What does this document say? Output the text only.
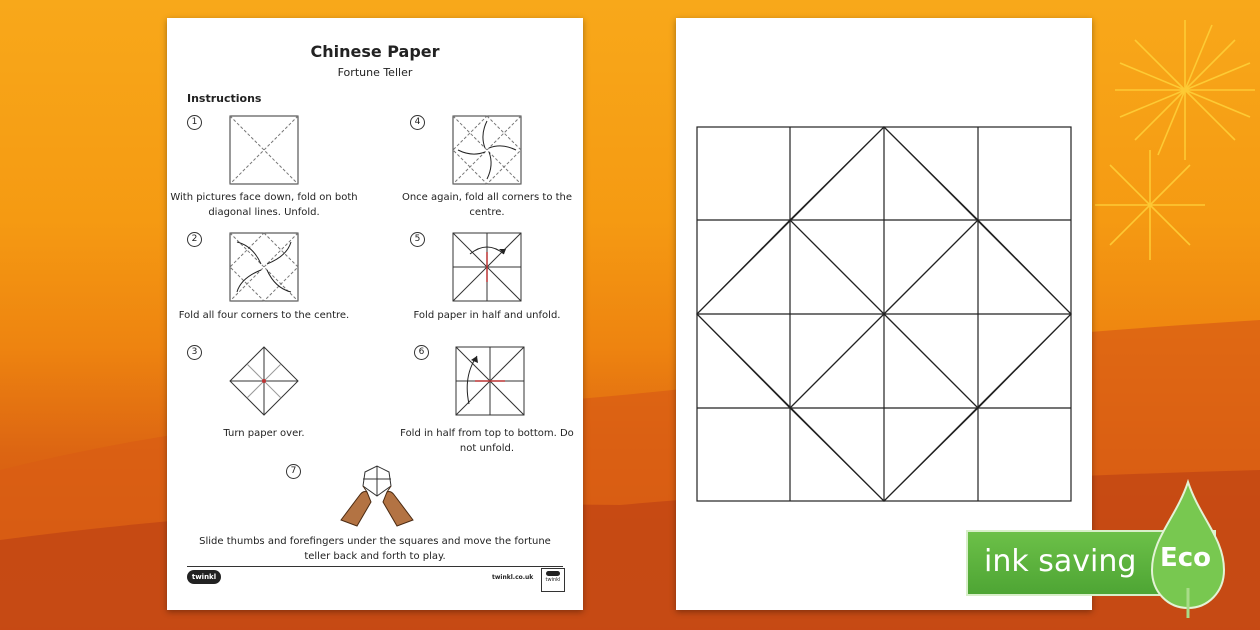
Chinese Paper
Fortune Teller
Instructions
1
With pictures face down, fold on both diagonal lines. Unfold.
2
Fold all four corners to the centre.
3
Turn paper over.
4
Once again, fold all corners to the centre.
5
Fold paper in half and unfold.
6
Fold in half from top to bottom. Do not unfold.
7
Slide thumbs and forefingers under the squares and move the fortune teller back and forth to play.
twinkl	twinkl.co.uk	twinkl
ink saving Eco
